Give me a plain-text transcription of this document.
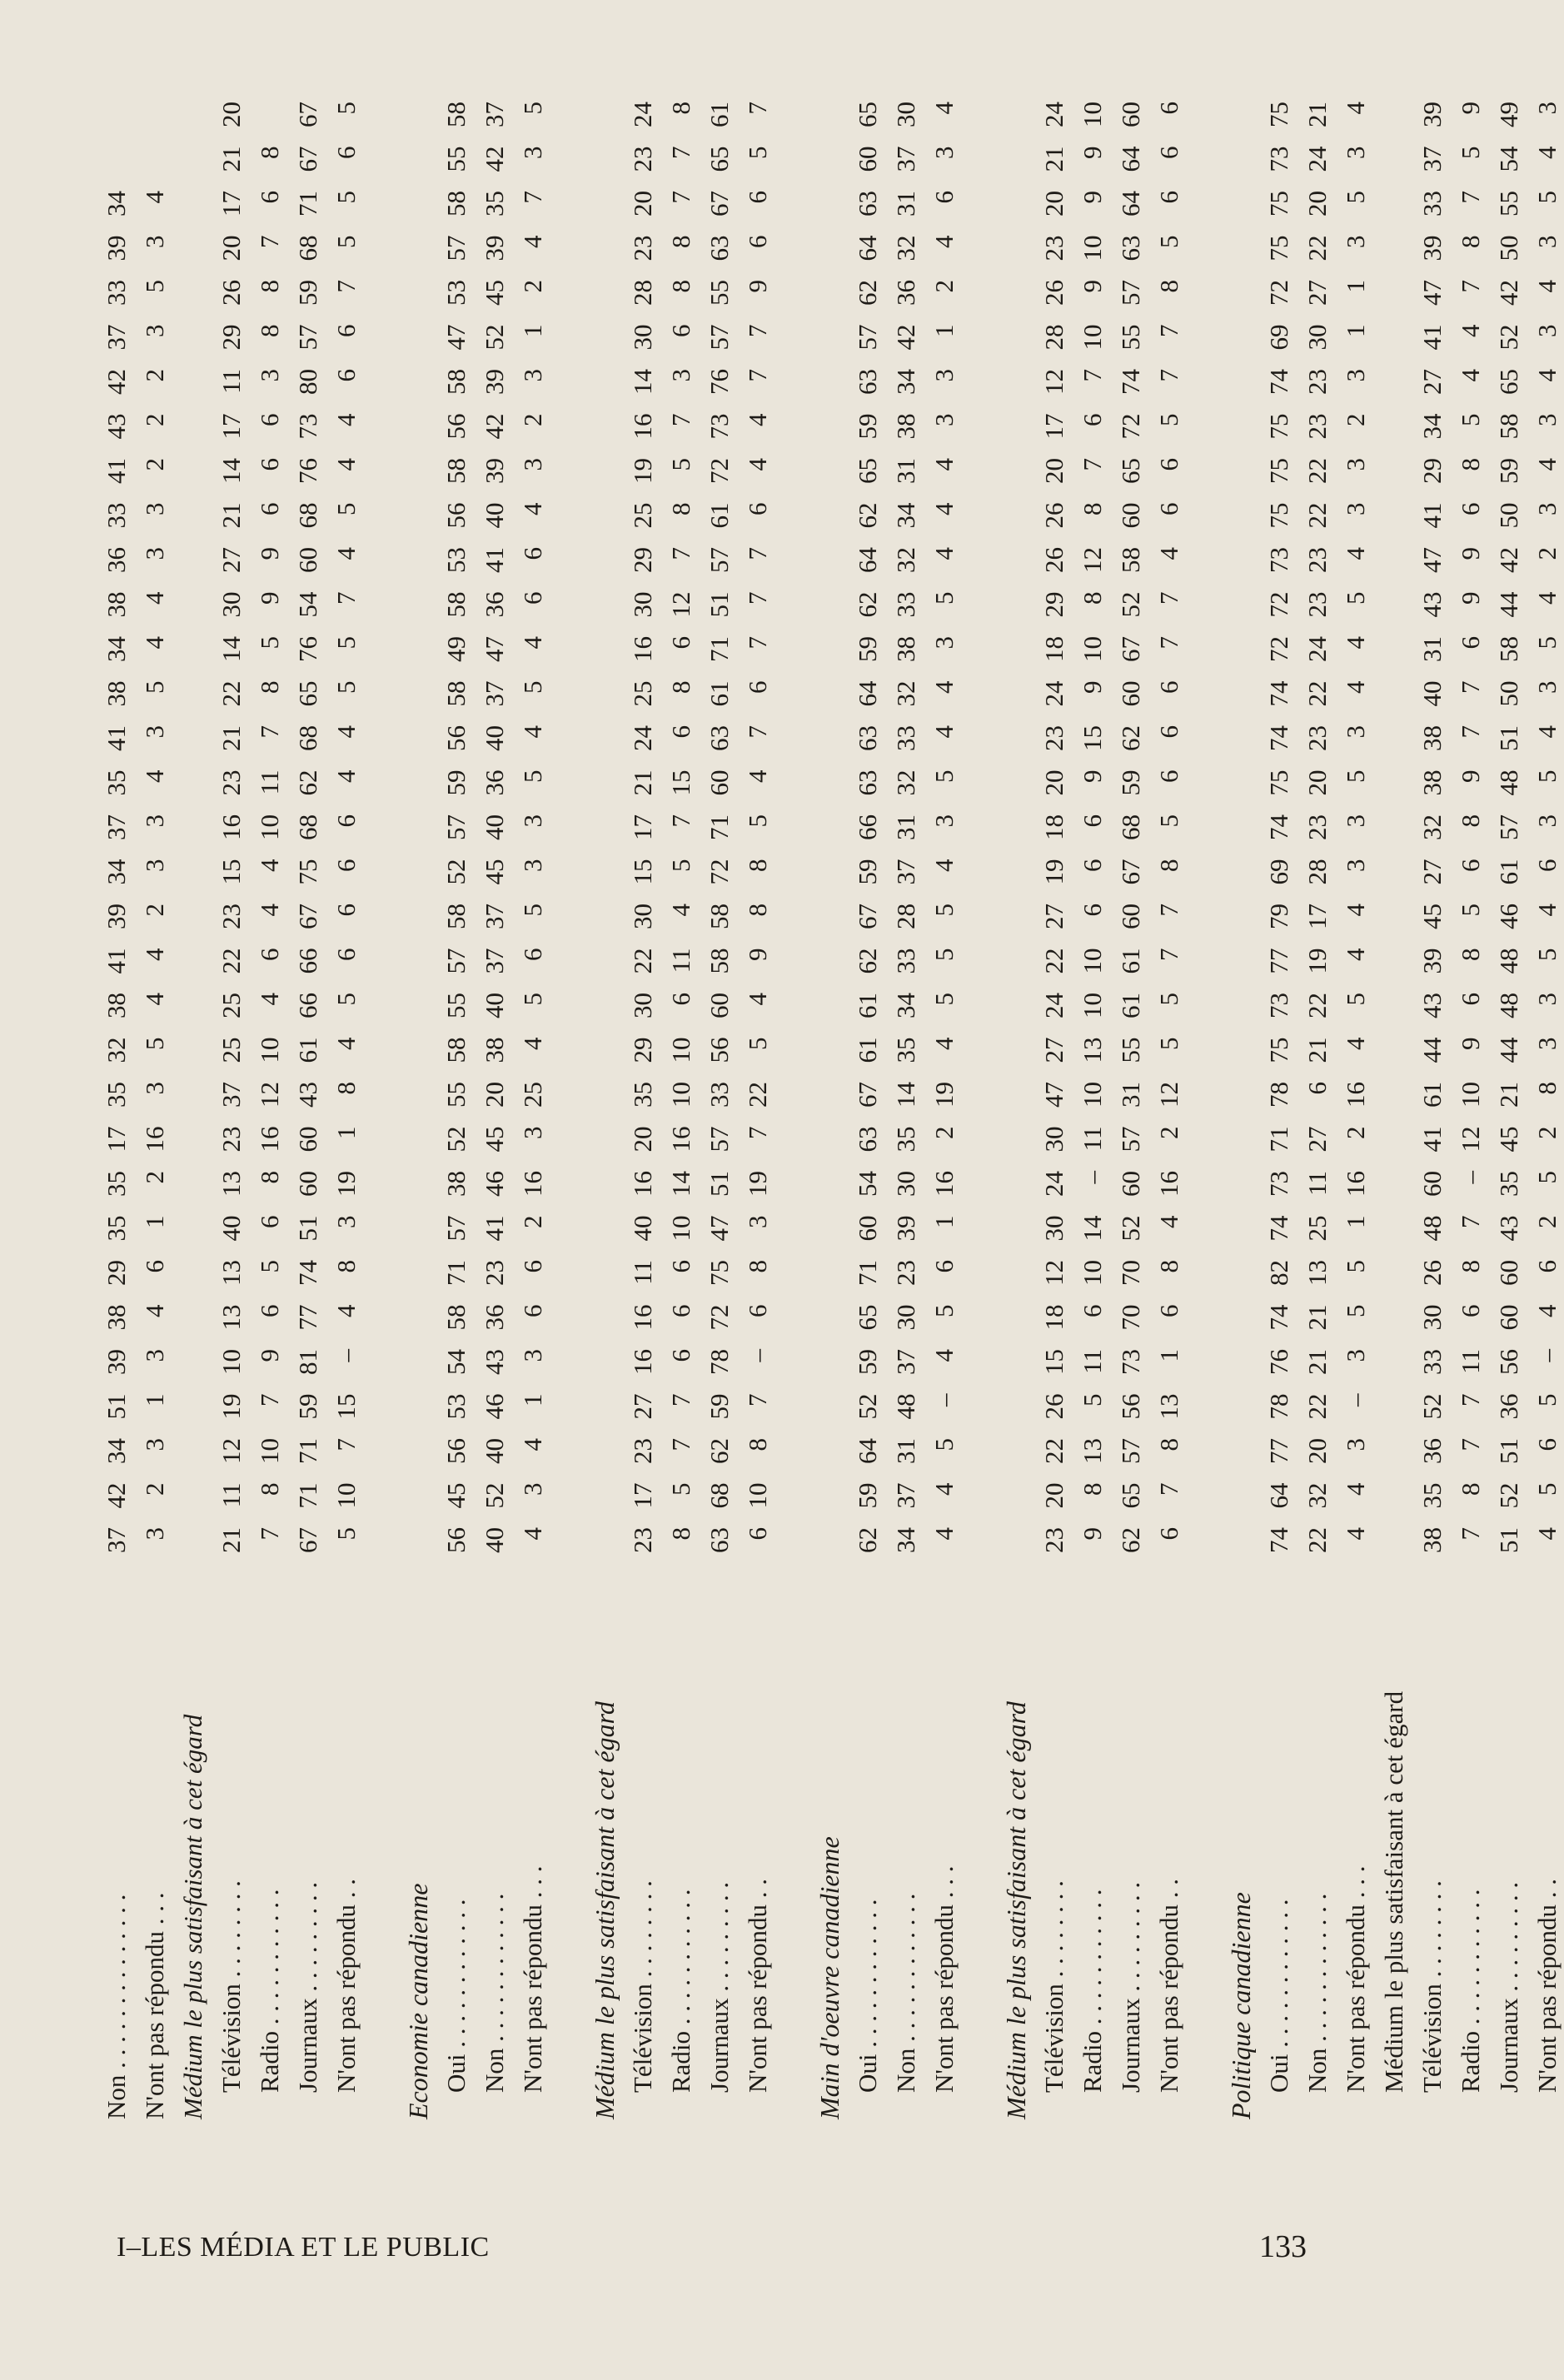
Non . . . . . . . . . . . . . .
37
42
34
51
39
38
29
35
35
17
35
32
38
41
39
34
37
35
41
38
34
38
36
33
41
43
42
37
33
39
34
N'ont pas répondu . . .
3
2
3
1
3
4
6
1
2
16
3
5
4
4
2
3
3
4
3
5
4
4
3
3
2
2
2
3
5
3
4
Médium le plus satisfaisant à cet égard Télévision . . . . . . . .
21
11
12
19
10
13
13
40
13
23
37
25
25
22
23
15
16
23
21
22
14
30
27
21
14
17
11
29
26
20
17
21
20
Radio . . . . . . . . . . .
7
8
10
7
9
6
5
6
8
16
12
10
4
6
4
4
10
11
7
8
5
9
9
6
6
6
3
8
8
7
6
8
Journaux . . . . . . . . .
67
71
71
59
81
77
74
51
60
60
43
61
66
66
67
75
68
62
68
65
76
54
60
68
76
73
80
57
59
68
71
67
67
N'ont pas répondu . .
5
10
7
15
–
4
8
3
19
1
8
4
5
6
6
6
6
4
4
5
5
7
4
5
4
4
6
6
7
5
5
6
5
Economie canadienne Oui . . . . . . . . . . . .
56
45
56
53
54
58
71
57
38
52
55
58
55
57
58
52
57
59
56
58
49
58
53
56
58
56
58
47
53
57
58
55
58
Non . . . . . . . . . . . .
40
52
40
46
43
36
23
41
46
45
20
38
40
37
37
45
40
36
40
37
47
36
41
40
39
42
39
52
45
39
35
42
37
N'ont pas répondu . . .
4
3
4
1
3
6
6
2
16
3
25
4
5
6
5
3
3
5
4
5
4
6
6
4
3
2
3
1
2
4
7
3
5
Médium le plus satisfaisant à cet égard Télévision . . . . . . . .
23
17
23
27
16
16
11
40
16
20
35
29
30
22
30
15
17
21
24
25
16
30
29
25
19
16
14
30
28
23
20
23
24
Radio . . . . . . . . . . .
8
5
7
7
6
6
6
10
14
16
10
10
6
11
4
5
7
15
6
8
6
12
7
8
5
7
3
6
8
8
7
7
8
Journaux . . . . . . . . .
63
68
62
59
78
72
75
47
51
57
33
56
60
58
58
72
71
60
63
61
71
51
57
61
72
73
76
57
55
63
67
65
61
N'ont pas répondu . .
6
10
8
7
–
6
8
3
19
7
22
5
4
9
8
8
5
4
7
6
7
7
7
6
4
4
7
7
9
6
6
5
7
Main d'oeuvre canadienne Oui . . . . . . . . . . . .
62
59
64
52
59
65
71
60
54
63
67
61
61
62
67
59
66
63
63
64
59
62
64
62
65
59
63
57
62
64
63
60
65
Non . . . . . . . . . . . .
34
37
31
48
37
30
23
39
30
35
14
35
34
33
28
37
31
32
33
32
38
33
32
34
31
38
34
42
36
32
31
37
30
N'ont pas répondu . . .
4
4
5
–
4
5
6
1
16
2
19
4
5
5
5
4
3
5
4
4
3
5
4
4
4
3
3
1
2
4
6
3
4
Médium le plus satisfaisant à cet égard Télévision . . . . . . . .
23
20
22
26
15
18
12
30
24
30
47
27
24
22
27
19
18
20
23
24
18
29
26
26
20
17
12
28
26
23
20
21
24
Radio . . . . . . . . . . .
9
8
13
5
11
6
10
14
–
11
10
13
10
10
6
6
6
9
15
9
10
8
12
8
7
6
7
10
9
10
9
9
10
Journaux . . . . . . . . .
62
65
57
56
73
70
70
52
60
57
31
55
61
61
60
67
68
59
62
60
67
52
58
60
65
72
74
55
57
63
64
64
60
N'ont pas répondu . .
6
7
8
13
1
6
8
4
16
2
12
5
5
7
7
8
5
6
6
6
7
7
4
6
6
5
7
7
8
5
6
6
6
Politique canadienne Oui . . . . . . . . . . . .
74
64
77
78
76
74
82
74
73
71
78
75
73
77
79
69
74
75
74
74
72
72
73
75
75
75
74
69
72
75
75
73
75
Non . . . . . . . . . . . .
22
32
20
22
21
21
13
25
11
27
6
21
22
19
17
28
23
20
23
22
24
23
23
22
22
23
23
30
27
22
20
24
21
N'ont pas répondu . . .
4
4
3
–
3
5
5
1
16
2
16
4
5
4
4
3
3
5
3
4
4
5
4
3
3
2
3
1
1
3
5
3
4
Médium le plus satisfaisant à cet égard Télévision . . . . . . . .
38
35
36
52
33
30
26
48
60
41
61
44
43
39
45
27
32
38
38
40
31
43
47
41
29
34
27
41
47
39
33
37
39
Radio . . . . . . . . . . .
7
8
7
7
11
6
8
7
–
12
10
9
6
8
5
6
8
9
7
7
6
9
9
6
8
5
4
4
7
8
7
5
9
Journaux . . . . . . . . .
51
52
51
36
56
60
60
43
35
45
21
44
48
48
46
61
57
48
51
50
58
44
42
50
59
58
65
52
42
50
55
54
49
N'ont pas répondu . .
4
5
6
5
–
4
6
2
5
2
8
3
3
5
4
6
3
5
4
3
5
4
2
3
4
3
4
3
4
3
5
4
3
I–LES MÉDIA ET LE PUBLIC	133
